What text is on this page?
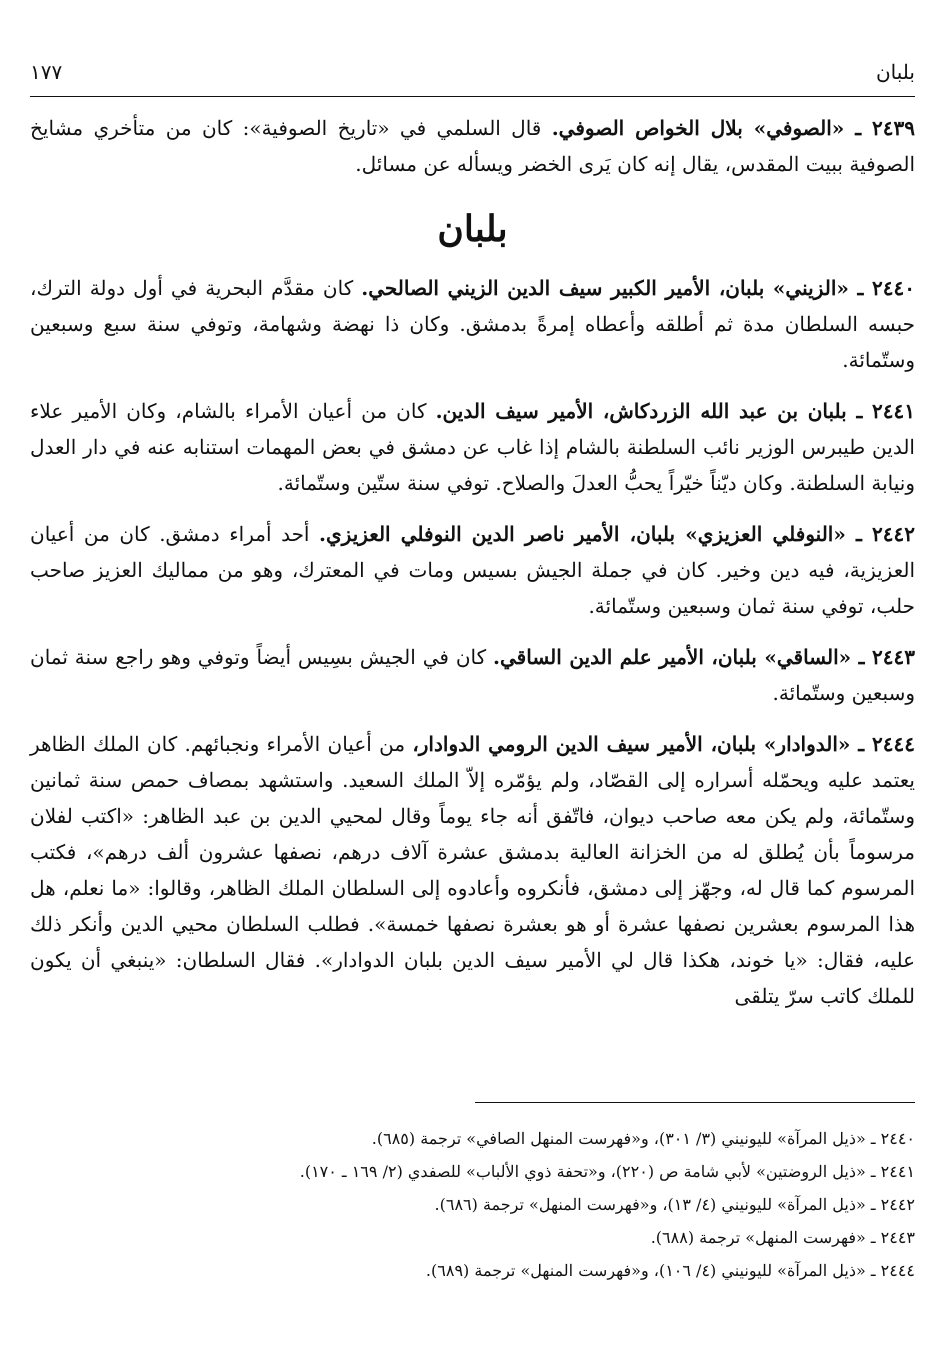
بلبان
١٧٧

٢٤٣٩ ـ «الصوفي» بلال الخواص الصوفي. قال السلمي في «تاريخ الصوفية»: كان من متأخري مشايخ الصوفية ببيت المقدس، يقال إنه كان يَرى الخضر ويسأله عن مسائل.

بلبان

٢٤٤٠ ـ «الزيني» بلبان، الأمير الكبير سيف الدين الزيني الصالحي. كان مقدَّم البحرية في أول دولة الترك، حبسه السلطان مدة ثم أطلقه وأعطاه إمرةً بدمشق. وكان ذا نهضة وشهامة، وتوفي سنة سبع وسبعين وستّمائة.

٢٤٤١ ـ بلبان بن عبد الله الزردكاش، الأمير سيف الدين. كان من أعيان الأمراء بالشام، وكان الأمير علاء الدين طيبرس الوزير نائب السلطنة بالشام إذا غاب عن دمشق في بعض المهمات استنابه عنه في دار العدل ونيابة السلطنة. وكان ديّناً خيّراً يحبُّ العدلَ والصلاح. توفي سنة ستّين وستّمائة.

٢٤٤٢ ـ «النوفلي العزيزي» بلبان، الأمير ناصر الدين النوفلي العزيزي. أحد أمراء دمشق. كان من أعيان العزيزية، فيه دين وخير. كان في جملة الجيش بسيس ومات في المعترك، وهو من مماليك العزيز صاحب حلب، توفي سنة ثمان وسبعين وستّمائة.

٢٤٤٣ ـ «الساقي» بلبان، الأمير علم الدين الساقي. كان في الجيش بسِيس أيضاً وتوفي وهو راجع سنة ثمان وسبعين وستّمائة.

٢٤٤٤ ـ «الدوادار» بلبان، الأمير سيف الدين الرومي الدوادار، من أعيان الأمراء ونجبائهم. كان الملك الظاهر يعتمد عليه ويحمّله أسراره إلى القصّاد، ولم يؤمّره إلاّ الملك السعيد. واستشهد بمصاف حمص سنة ثمانين وستّمائة، ولم يكن معه صاحب ديوان، فاتّفق أنه جاء يوماً وقال لمحيي الدين بن عبد الظاهر: «اكتب لفلان مرسوماً بأن يُطلق له من الخزانة العالية بدمشق عشرة آلاف درهم، نصفها عشرون ألف درهم»، فكتب المرسوم كما قال له، وجهّز إلى دمشق، فأنكروه وأعادوه إلى السلطان الملك الظاهر، وقالوا: «ما نعلم، هل هذا المرسوم بعشرين نصفها عشرة أو هو بعشرة نصفها خمسة». فطلب السلطان محيي الدين وأنكر ذلك عليه، فقال: «يا خوند، هكذا قال لي الأمير سيف الدين بلبان الدوادار». فقال السلطان: «ينبغي أن يكون للملك كاتب سرّ يتلقى

٢٤٤٠ ـ «ذيل المرآة» لليونيني (٣/ ٣٠١)، و«فهرست المنهل الصافي» ترجمة (٦٨٥).

٢٤٤١ ـ «ذيل الروضتين» لأبي شامة ص (٢٢٠)، و«تحفة ذوي الألباب» للصفدي (٢/ ١٦٩ ـ ١٧٠).

٢٤٤٢ ـ «ذيل المرآة» لليونيني (٤/ ١٣)، و«فهرست المنهل» ترجمة (٦٨٦).

٢٤٤٣ ـ «فهرست المنهل» ترجمة (٦٨٨).

٢٤٤٤ ـ «ذيل المرآة» لليونيني (٤/ ١٠٦)، و«فهرست المنهل» ترجمة (٦٨٩).
